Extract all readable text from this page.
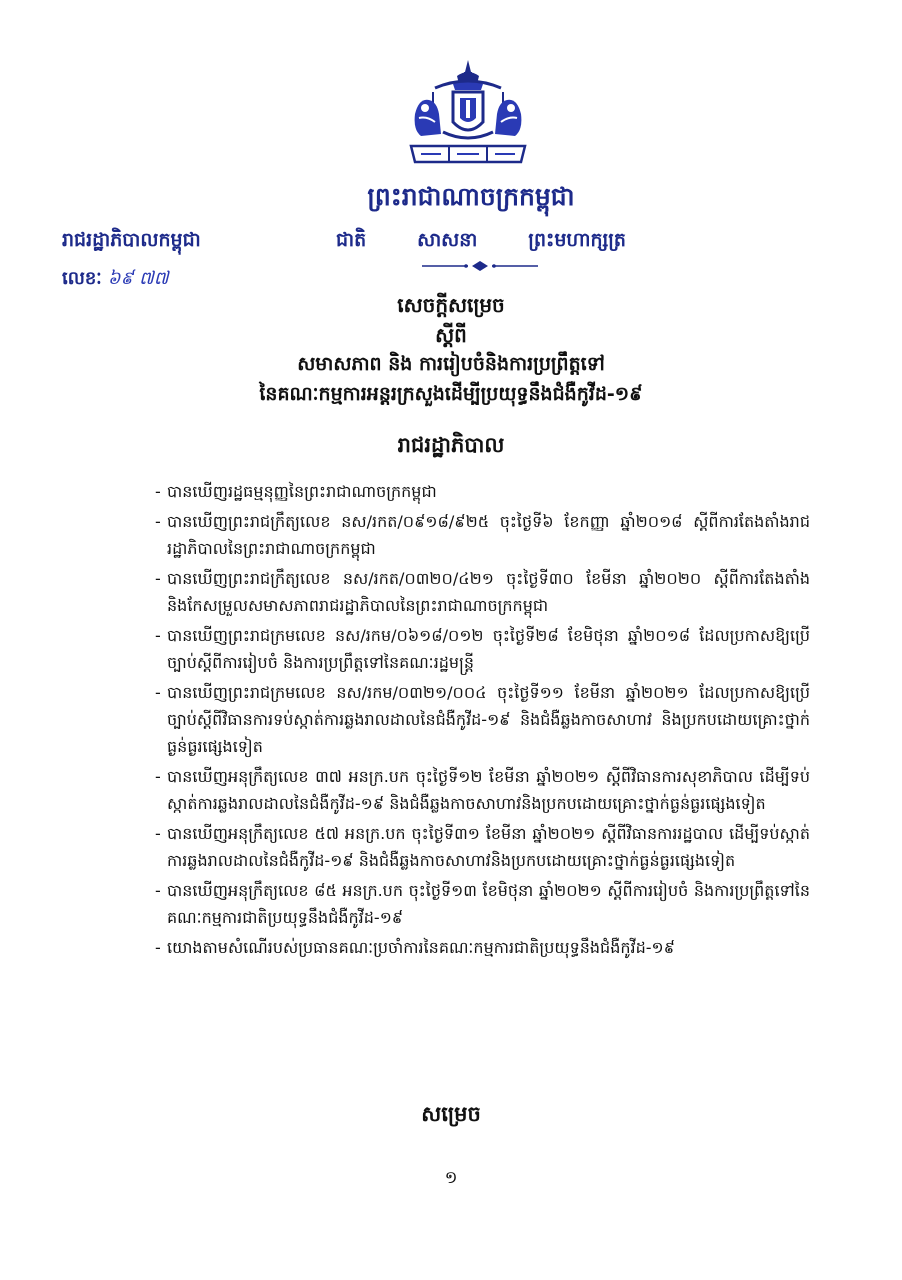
ព្រះរាជាណាចក្រកម្ពុជា
រាជរដ្ឋាភិបាលកម្ពុជា	ជាតិ	សាសនា	ព្រះមហាក្សត្រ
លេខៈ ៦៩ ៧៧
សេចក្តីសម្រេច
ស្តីពី
សមាសភាព និង ការរៀបចំនិងការប្រព្រឹត្តទៅ
នៃគណៈកម្មការអន្តរក្រសួងដើម្បីប្រយុទ្ធនឹងជំងឺកូវីដ-១៩
រាជរដ្ឋាភិបាល
- បានឃើញរដ្ឋធម្មនុញ្ញនៃព្រះរាជាណាចក្រកម្ពុជា
- បានឃើញព្រះរាជក្រឹត្យលេខ នស/រកត/០៩១៨/៩២៥ ចុះថ្ងៃទី៦ ខែកញ្ញា ឆ្នាំ២០១៨ ស្តីពីការតែងតាំងរាជរដ្ឋាភិបាលនៃព្រះរាជាណាចក្រកម្ពុជា
- បានឃើញព្រះរាជក្រឹត្យលេខ នស/រកត/០៣២០/៤២១ ចុះថ្ងៃទី៣០ ខែមីនា ឆ្នាំ២០២០ ស្តីពីការតែងតាំង និងកែសម្រួលសមាសភាពរាជរដ្ឋាភិបាលនៃព្រះរាជាណាចក្រកម្ពុជា
- បានឃើញព្រះរាជក្រមលេខ នស/រកម/០៦១៨/០១២ ចុះថ្ងៃទី២៨ ខែមិថុនា ឆ្នាំ២០១៨ ដែលប្រកាសឱ្យប្រើច្បាប់ស្តីពីការរៀបចំ និងការប្រព្រឹត្តទៅនៃគណៈរដ្ឋមន្ត្រី
- បានឃើញព្រះរាជក្រមលេខ នស/រកម/០៣២១/០០៤ ចុះថ្ងៃទី១១ ខែមីនា ឆ្នាំ២០២១ ដែលប្រកាសឱ្យប្រើច្បាប់ស្តីពីវិធានការទប់ស្កាត់ការឆ្លងរាលដាលនៃជំងឺកូវីដ-១៩ និងជំងឺឆ្លងកាចសាហាវ និងប្រកបដោយគ្រោះថ្នាក់ធ្ងន់ធ្ងរផ្សេងទៀត
- បានឃើញអនុក្រឹត្យលេខ ៣៧ អនក្រ.បក ចុះថ្ងៃទី១២ ខែមីនា ឆ្នាំ២០២១ ស្តីពីវិធានការសុខាភិបាល ដើម្បីទប់ស្កាត់ការឆ្លងរាលដាលនៃជំងឺកូវីដ-១៩ និងជំងឺឆ្លងកាចសាហាវនិងប្រកបដោយគ្រោះថ្នាក់ធ្ងន់ធ្ងរផ្សេងទៀត
- បានឃើញអនុក្រឹត្យលេខ ៥៧ អនក្រ.បក ចុះថ្ងៃទី៣១ ខែមីនា ឆ្នាំ២០២១ ស្តីពីវិធានការរដ្ឋបាល ដើម្បីទប់ស្កាត់ការឆ្លងរាលដាលនៃជំងឺកូវីដ-១៩ និងជំងឺឆ្លងកាចសាហាវនិងប្រកបដោយគ្រោះថ្នាក់ធ្ងន់ធ្ងរផ្សេងទៀត
- បានឃើញអនុក្រឹត្យលេខ ៨៥ អនក្រ.បក ចុះថ្ងៃទី១៣ ខែមិថុនា ឆ្នាំ២០២១ ស្តីពីការរៀបចំ និងការប្រព្រឹត្តទៅនៃគណៈកម្មការជាតិប្រយុទ្ធនឹងជំងឺកូវីដ-១៩
- យោងតាមសំណើរបស់ប្រធានគណៈប្រចាំការនៃគណៈកម្មការជាតិប្រយុទ្ធនឹងជំងឺកូវីដ-១៩
សម្រេច
១
